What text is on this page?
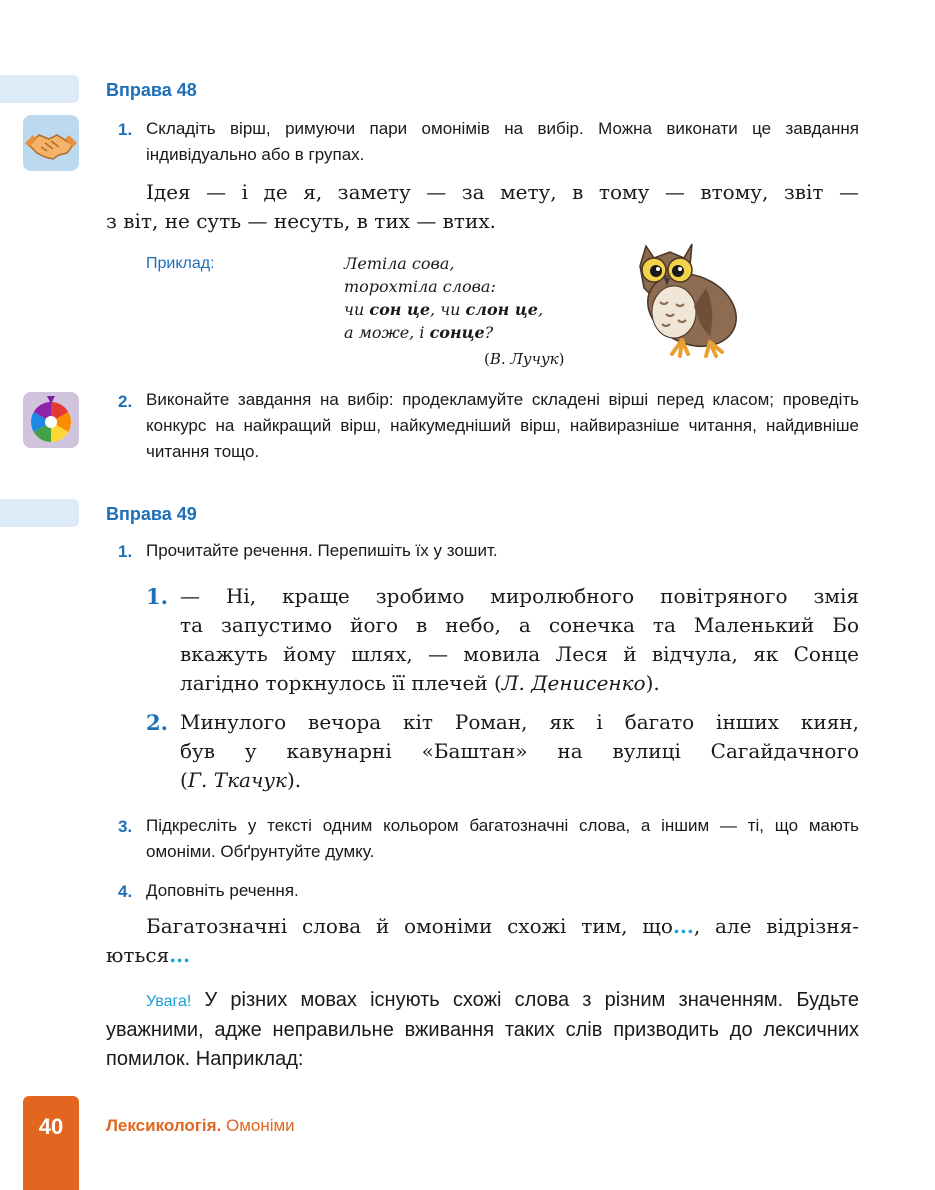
Вправа 48
1. Складіть вірш, римуючи пари омонімів на вибір. Можна виконати це завдання індивідуально або в групах.
Ідея — і де я, замету — за мету, в тому — втому, звіт —
з віт, не суть — несуть, в тих — втих.
Приклад:	Летіла сова,
торохтіла слова:
чи сон це, чи слон це,
а може, і сонце?
(В. Лучук)
2. Виконайте завдання на вибір: продекламуйте складені вірші перед класом; проведіть конкурс на найкращий вірш, найкумедніший вірш, найвиразніше читання, найдивніше читання тощо.
Вправа 49
1. Прочитайте речення. Перепишіть їх у зошит.
1. — Ні, краще зробимо миролюбного повітряного змія
та запустимо його в небо, а сонечка та Маленький Бо
вкажуть йому шлях, — мовила Леся й відчула, як Сонце
лагідно торкнулось її плечей (Л. Денисенко).
2. Минулого вечора кіт Роман, як і багато інших киян,
був у кавунарні «Баштан» на вулиці Сагайдачного
(Г. Ткачук).
3. Підкресліть у тексті одним кольором багатозначні слова, а іншим — ті, що мають омоніми. Обґрунтуйте думку.
4. Доповніть речення.
Багатозначні слова й омоніми схожі тим, що..., але відрізня-
ються...
Увага! У різних мовах існують схожі слова з різним значенням. Будьте уважними, адже неправильне вживання таких слів призводить до лексичних помилок. Наприклад:
40	Лексикологія. Омоніми
